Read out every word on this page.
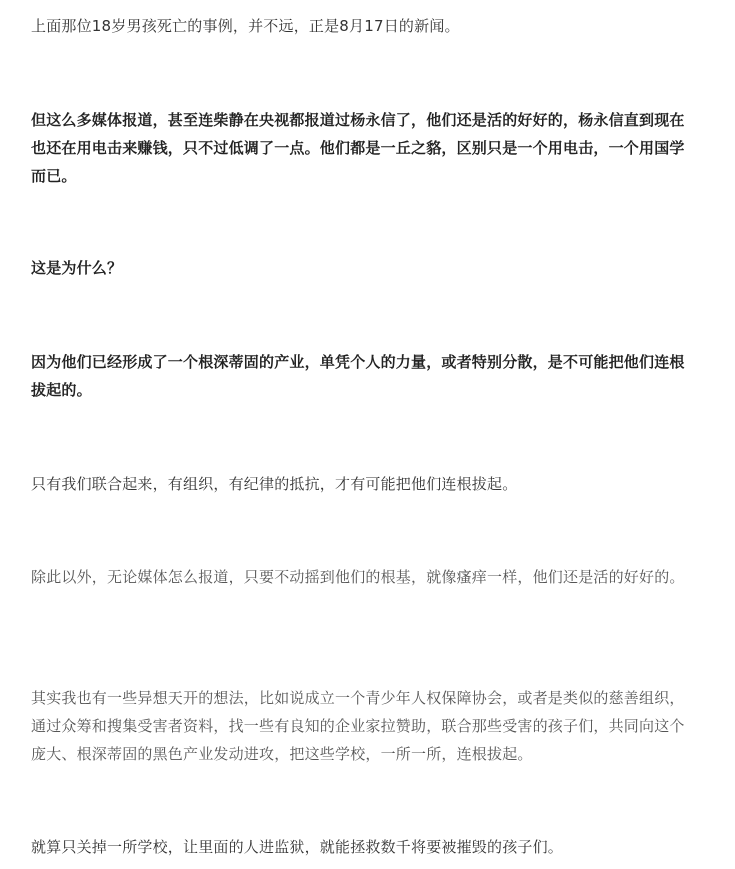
上面那位18岁男孩死亡的事例，并不远，正是8月17日的新闻。

但这么多媒体报道，甚至连柴静在央视都报道过杨永信了，他们还是活的好好的，杨永信直到现在也还在用电击来赚钱，只不过低调了一点。他们都是一丘之貉，区别只是一个用电击，一个用国学而已。

这是为什么？

因为他们已经形成了一个根深蒂固的产业，单凭个人的力量，或者特别分散，是不可能把他们连根拔起的。

只有我们联合起来，有组织，有纪律的抵抗，才有可能把他们连根拔起。

除此以外，无论媒体怎么报道，只要不动摇到他们的根基，就像瘙痒一样，他们还是活的好好的。

其实我也有一些异想天开的想法，比如说成立一个青少年人权保障协会，或者是类似的慈善组织，通过众筹和搜集受害者资料，找一些有良知的企业家拉赞助，联合那些受害的孩子们，共同向这个庞大、根深蒂固的黑色产业发动进攻，把这些学校，一所一所，连根拔起。

就算只关掉一所学校，让里面的人进监狱，就能拯救数千将要被摧毁的孩子们。
